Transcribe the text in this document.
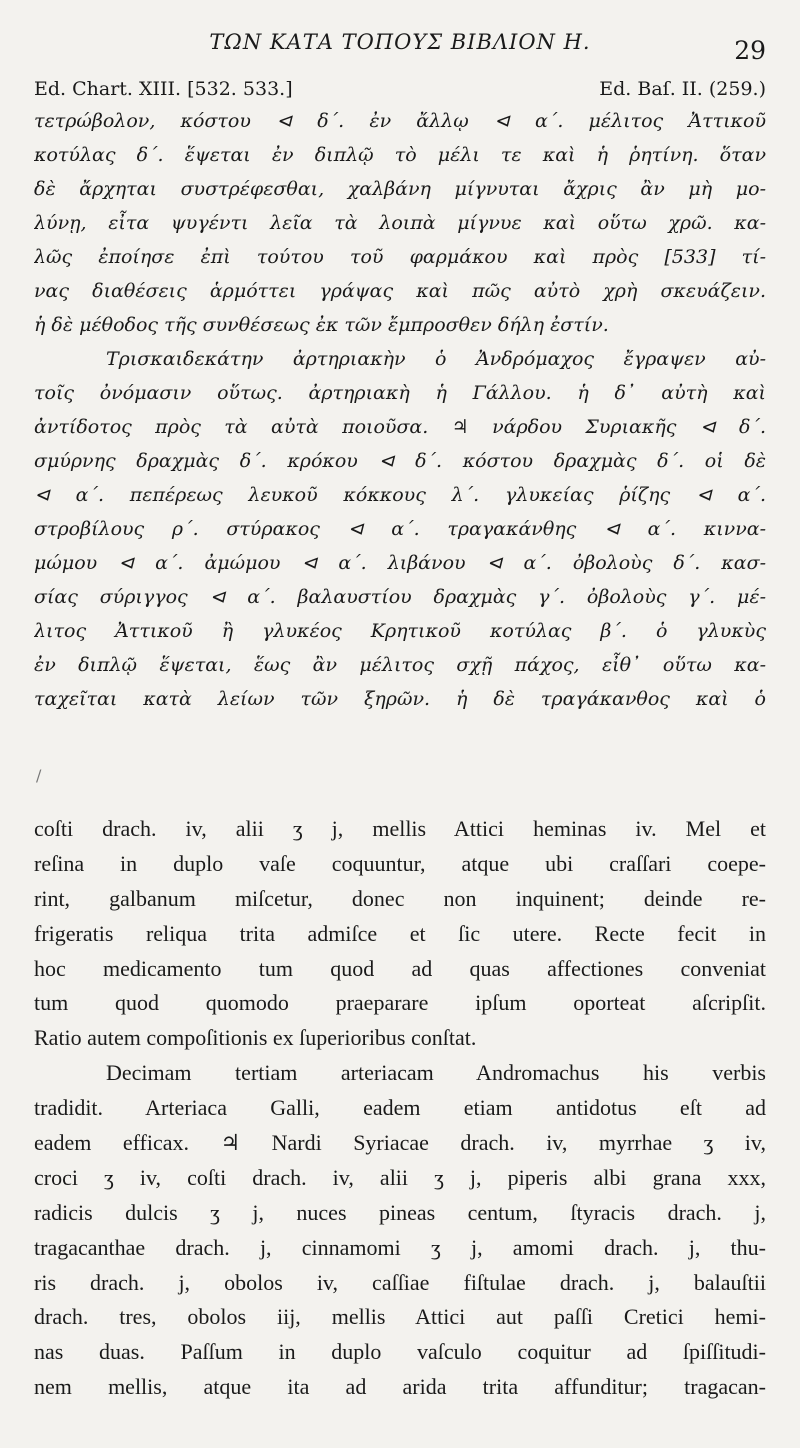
ΤΩΝ ΚΑΤΑ ΤΟΠΟΥΣ ΒΙΒΛΙΟΝ Η.	29
Ed. Chart. XIII. [532. 533.]	Ed. Baſ. II. (259.)
τετρώβολον, κόστου ⊲ δ΄. ἐν ἄλλῳ ⊲ α΄. μέλιτος Ἀττικοῦ
κοτύλας δ΄. ἕψεται ἐν διπλῷ τὸ μέλι τε καὶ ἡ ῥητίνη. ὅταν
δὲ ἄρχηται συστρέφεσθαι, χαλβάνη μίγνυται ἄχρις ἂν μὴ μο-
λύνῃ, εἶτα ψυγέντι λεῖα τὰ λοιπὰ μίγνυε καὶ οὕτω χρῶ. κα-
λῶς ἐποίησε ἐπὶ τούτου τοῦ φαρμάκου καὶ πρὸς [533] τί-
νας διαθέσεις ἁρμόττει γράψας καὶ πῶς αὐτὸ χρὴ σκευάζειν.
ἡ δὲ μέθοδος τῆς συνθέσεως ἐκ τῶν ἔμπροσθεν δήλη ἐστίν.
Τρισκαιδεκάτην ἀρτηριακὴν ὁ Ἀνδρόμαχος ἔγραψεν αὐ-
τοῖς ὀνόμασιν οὕτως. ἀρτηριακὴ ἡ Γάλλου. ἡ δ᾽ αὐτὴ καὶ
ἀντίδοτος πρὸς τὰ αὐτὰ ποιοῦσα. ♃ νάρδου Συριακῆς ⊲ δ΄.
σμύρνης δραχμὰς δ΄. κρόκου ⊲ δ΄. κόστου δραχμὰς δ΄. οἱ δὲ
⊲ α΄. πεπέρεως λευκοῦ κόκκους λ΄. γλυκείας ῥίζης ⊲ α΄.
στροβίλους ρ΄. στύρακος ⊲ α΄. τραγακάνθης ⊲ α΄. κιννα-
μώμου ⊲ α΄. ἀμώμου ⊲ α΄. λιβάνου ⊲ α΄. ὀβολοὺς δ΄. κασ-
σίας σύριγγος ⊲ α΄. βαλαυστίου δραχμὰς γ΄. ὀβολοὺς γ΄. μέ-
λιτος Ἀττικοῦ ἢ γλυκέος Κρητικοῦ κοτύλας β΄. ὁ γλυκὺς
ἐν διπλῷ ἕψεται, ἕως ἂν μέλιτος σχῇ πάχος, εἶθ᾽ οὕτω κα-
ταχεῖται κατὰ λείων τῶν ξηρῶν. ἡ δὲ τραγάκανθος καὶ ὁ
/
coſti drach. iv, alii ʒ j, mellis Attici heminas iv. Mel et
reſina in duplo vaſe coquuntur, atque ubi craſſari coepe-
rint, galbanum miſcetur, donec non inquinent; deinde re-
frigeratis reliqua trita admiſce et ſic utere. Recte fecit in
hoc medicamento tum quod ad quas affectiones conveniat
tum quod quomodo praeparare ipſum oporteat aſcripſit.
Ratio autem compoſitionis ex ſuperioribus conſtat.
Decimam tertiam arteriacam Andromachus his verbis
tradidit. Arteriaca Galli, eadem etiam antidotus eſt ad
eadem efficax. ♃ Nardi Syriacae drach. iv, myrrhae ʒ iv,
croci ʒ iv, coſti drach. iv, alii ʒ j, piperis albi grana xxx,
radicis dulcis ʒ j, nuces pineas centum, ſtyracis drach. j,
tragacanthae drach. j, cinnamomi ʒ j, amomi drach. j, thu-
ris drach. j, obolos iv, caſſiae fiſtulae drach. j, balauſtii
drach. tres, obolos iij, mellis Attici aut paſſi Cretici hemi-
nas duas. Paſſum in duplo vaſculo coquitur ad ſpiſſitudi-
nem mellis, atque ita ad arida trita affunditur; tragacan-
